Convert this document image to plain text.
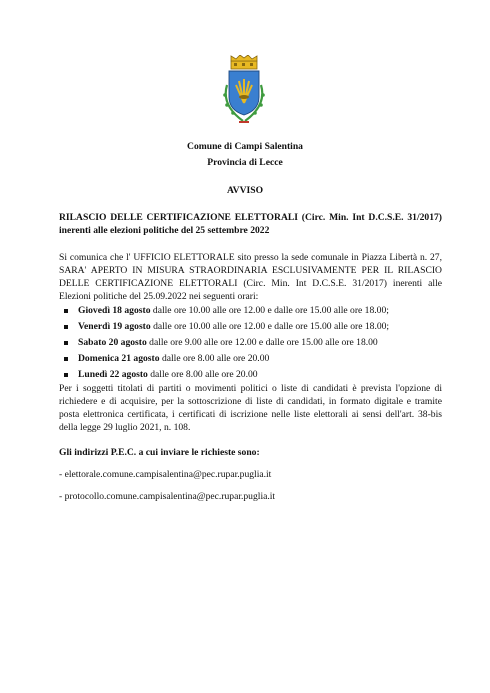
Comune di Campi Salentina
Provincia di Lecce
AVVISO
RILASCIO DELLE CERTIFICAZIONE ELETTORALI (Circ. Min. Int D.C.S.E. 31/2017) inerenti alle elezioni politiche del 25 settembre 2022
Si comunica che l' UFFICIO ELETTORALE sito presso la sede comunale in Piazza Libertà n. 27, SARA' APERTO IN MISURA STRAORDINARIA ESCLUSIVAMENTE PER IL RILASCIO DELLE CERTIFICAZIONE ELETTORALI (Circ. Min. Int D.C.S.E. 31/2017) inerenti alle Elezioni politiche del 25.09.2022 nei seguenti orari:
Giovedì 18 agosto dalle ore 10.00 alle ore 12.00 e dalle ore 15.00 alle ore 18.00;
Venerdì 19 agosto dalle ore 10.00 alle ore 12.00 e dalle ore 15.00 alle ore 18.00;
Sabato 20 agosto dalle ore 9.00 alle ore 12.00 e dalle ore 15.00 alle ore 18.00
Domenica 21 agosto dalle ore 8.00 alle ore 20.00
Lunedì 22 agosto dalle ore 8.00 alle ore 20.00
Per i soggetti titolati di partiti o movimenti politici o liste di candidati è prevista l'opzione di richiedere e di acquisire, per la sottoscrizione di liste di candidati, in formato digitale e tramite posta elettronica certificata, i certificati di iscrizione nelle liste elettorali ai sensi dell'art. 38-bis della legge 29 luglio 2021, n. 108.
Gli indirizzi P.E.C. a cui inviare le richieste sono:
- elettorale.comune.campisalentina@pec.rupar.puglia.it
- protocollo.comune.campisalentina@pec.rupar.puglia.it
